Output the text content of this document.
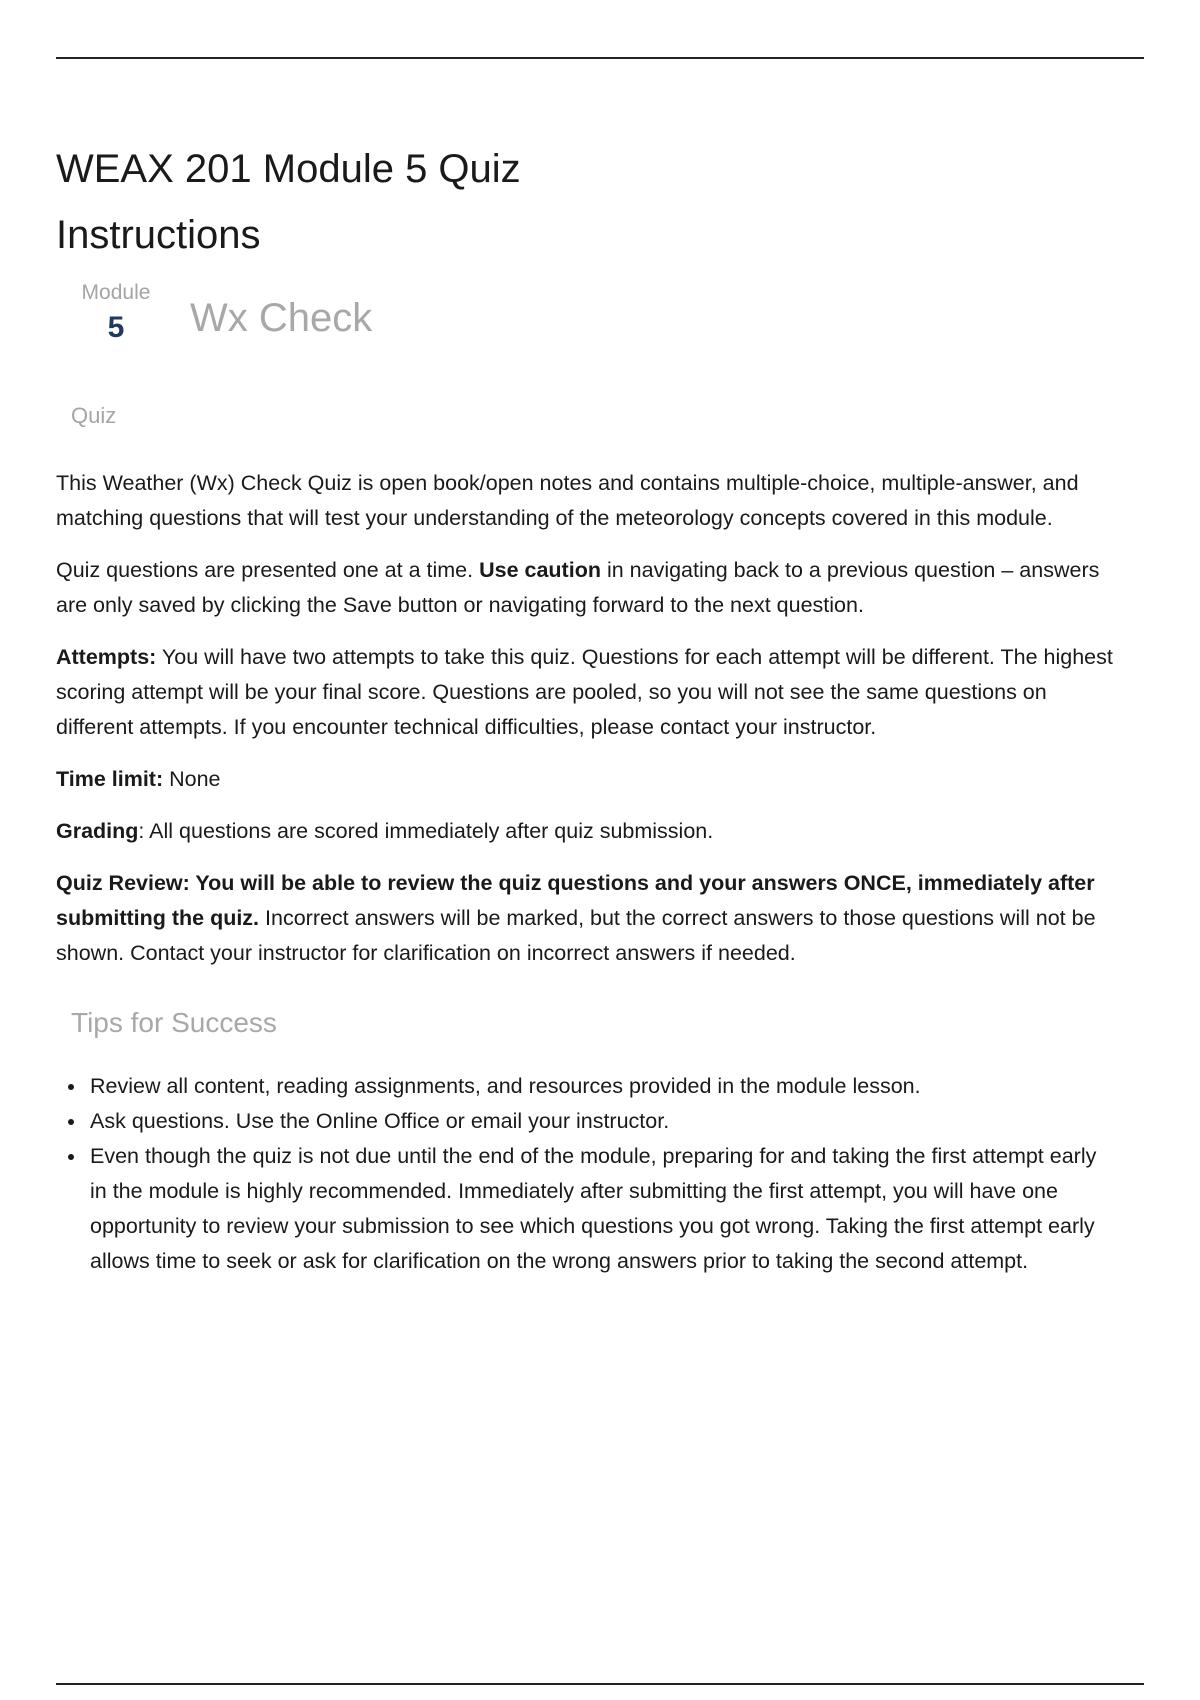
WEAX 201 Module 5 Quiz
Instructions
Module
5	Wx Check
Quiz

This Weather (Wx) Check Quiz is open book/open notes and contains multiple-choice, multiple-answer, and matching questions that will test your understanding of the meteorology concepts covered in this module.

Quiz questions are presented one at a time. Use caution in navigating back to a previous question – answers are only saved by clicking the Save button or navigating forward to the next question.

Attempts: You will have two attempts to take this quiz. Questions for each attempt will be different. The highest scoring attempt will be your final score. Questions are pooled, so you will not see the same questions on different attempts. If you encounter technical difficulties, please contact your instructor.

Time limit: None

Grading: All questions are scored immediately after quiz submission.

Quiz Review: You will be able to review the quiz questions and your answers ONCE, immediately after submitting the quiz. Incorrect answers will be marked, but the correct answers to those questions will not be shown. Contact your instructor for clarification on incorrect answers if needed.

Tips for Success
Review all content, reading assignments, and resources provided in the module lesson.
Ask questions. Use the Online Office or email your instructor.
Even though the quiz is not due until the end of the module, preparing for and taking the first attempt early in the module is highly recommended. Immediately after submitting the first attempt, you will have one opportunity to review your submission to see which questions you got wrong. Taking the first attempt early allows time to seek or ask for clarification on the wrong answers prior to taking the second attempt.
